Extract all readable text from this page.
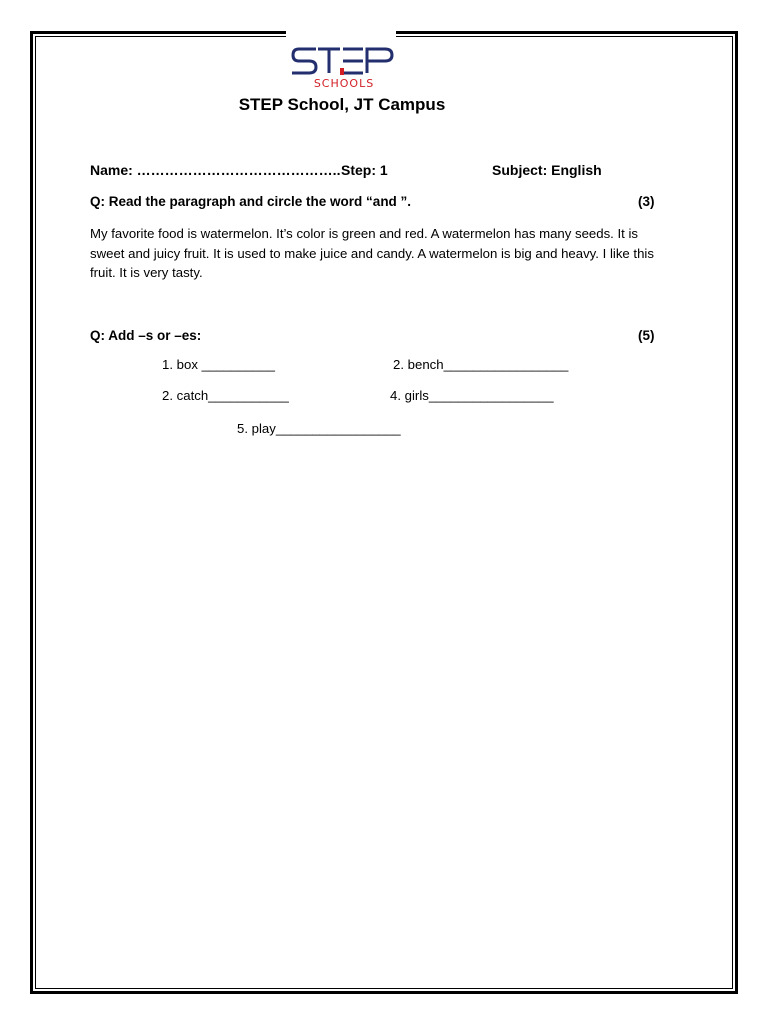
SCHOOLS
STEP School, JT Campus
Name: …………………………………….. Step: 1	Subject: English
Q: Read the paragraph and circle the word “and ”.	(3)
My favorite food is watermelon. It’s color is green and red. A watermelon has many seeds. It is sweet and juicy fruit. It is used to make juice and candy. A watermelon is big and heavy. I like this fruit. It is very tasty.
Q: Add –s or –es:	(5)
1. box __________	2. bench_________________
2. catch___________	4. girls_________________
5. play_________________
